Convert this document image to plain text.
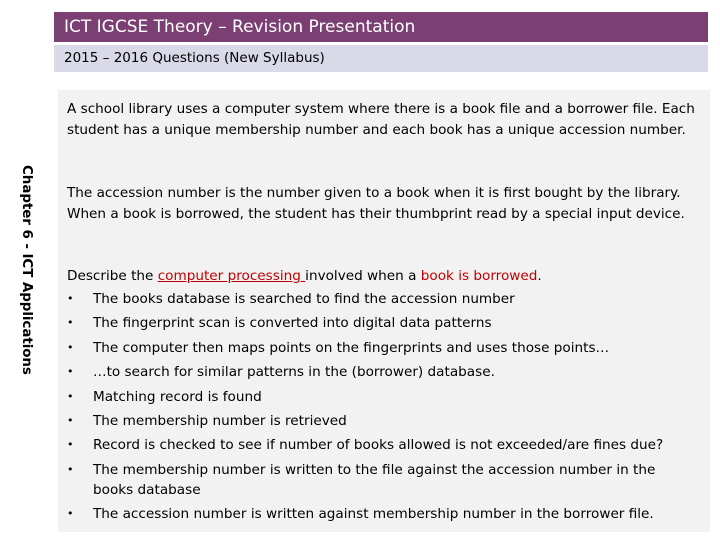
ICT IGCSE Theory – Revision Presentation
2015 – 2016 Questions (New Syllabus)
Chapter 6 - ICT Applications

A school library uses a computer system where there is a book file and a borrower file. Each student has a unique membership number and each book has a unique accession number.

The accession number is the number given to a book when it is first bought by the library. When a book is borrowed, the student has their thumbprint read by a special input device.

Describe the computer processing involved when a book is borrowed.

• The books database is searched to find the accession number
• The fingerprint scan is converted into digital data patterns
• The computer then maps points on the fingerprints and uses those points…
• …to search for similar patterns in the (borrower) database.
• Matching record is found
• The membership number is retrieved
• Record is checked to see if number of books allowed is not exceeded/are fines due?
• The membership number is written to the file against the accession number in the books database
• The accession number is written against membership number in the borrower file.
